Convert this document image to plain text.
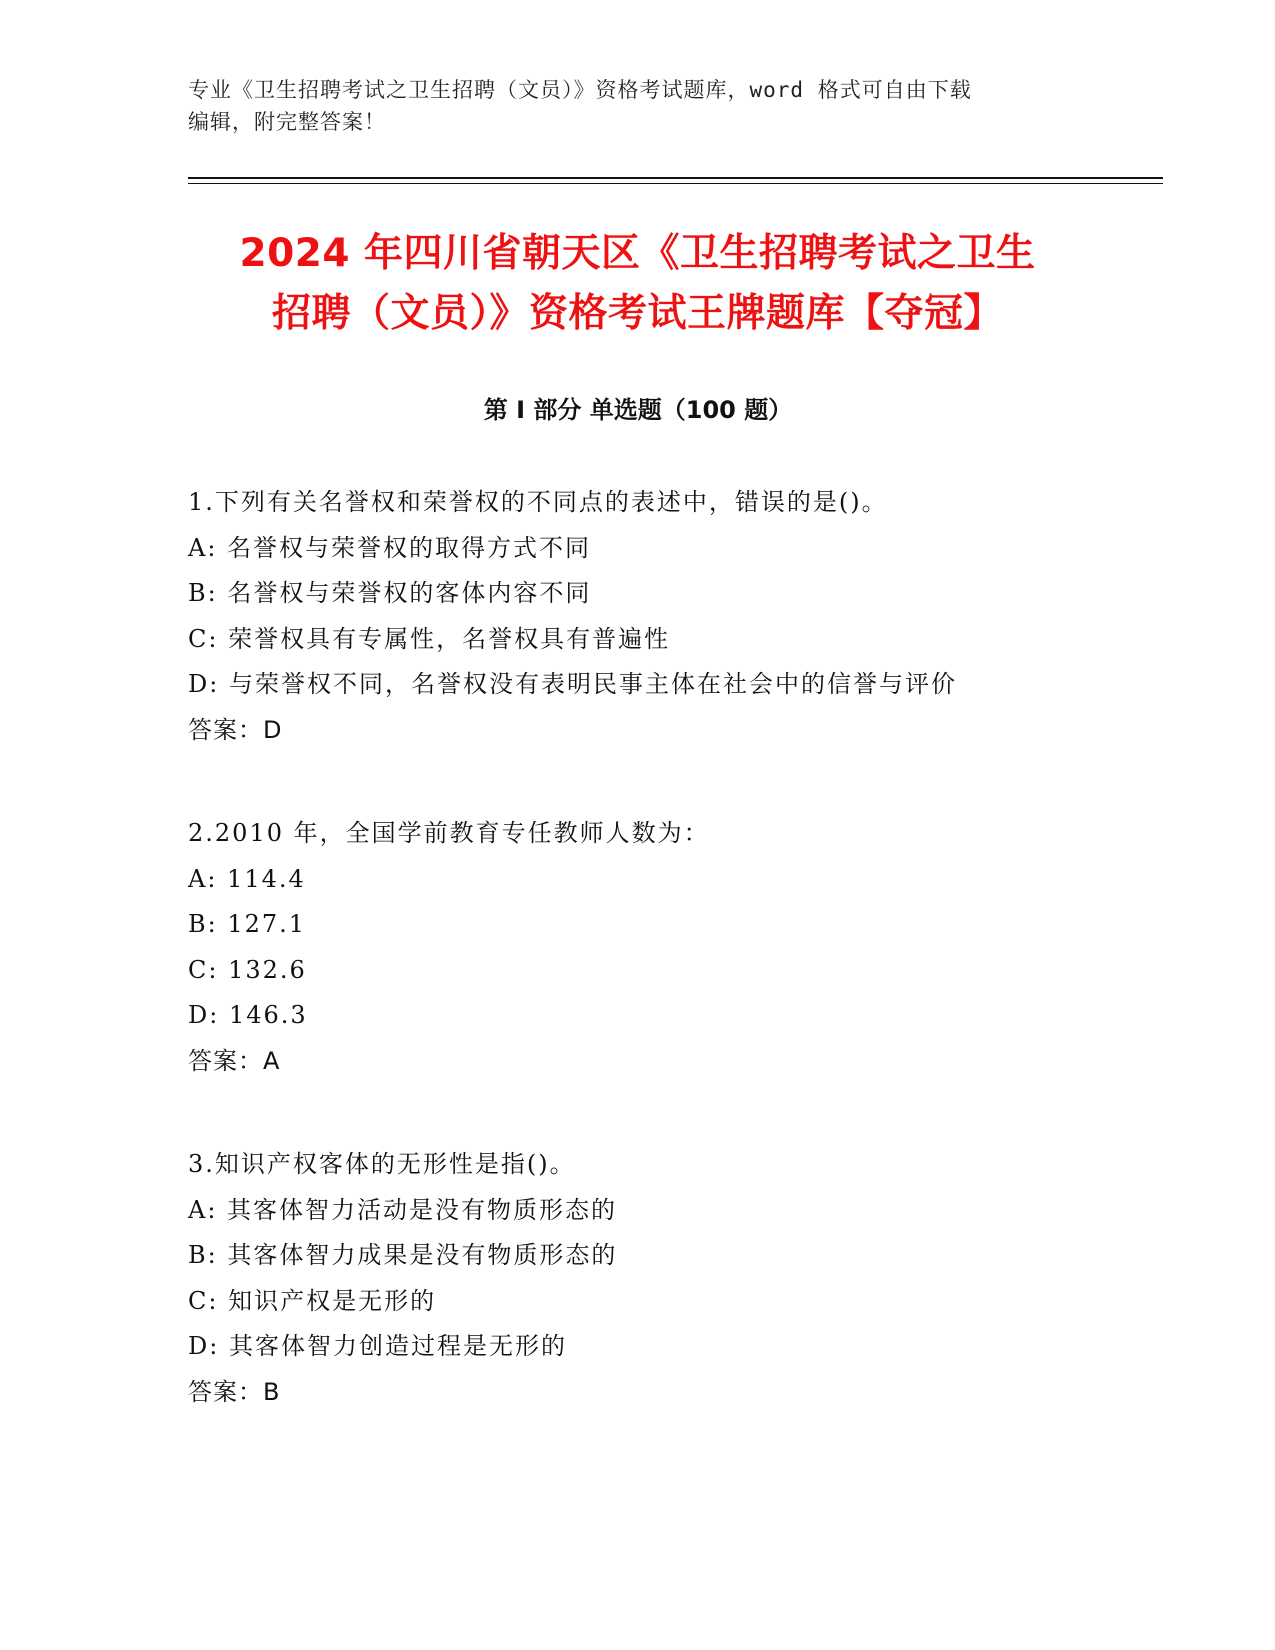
专业《卫生招聘考试之卫生招聘（文员）》资格考试题库，word 格式可自由下载
编辑，附完整答案！
2024 年四川省朝天区《卫生招聘考试之卫生
招聘（文员）》资格考试王牌题库【夺冠】
第 I 部分 单选题（100 题）
1.下列有关名誉权和荣誉权的不同点的表述中，错误的是()。
A: 名誉权与荣誉权的取得方式不同
B: 名誉权与荣誉权的客体内容不同
C: 荣誉权具有专属性，名誉权具有普遍性
D: 与荣誉权不同，名誉权没有表明民事主体在社会中的信誉与评价
答案：D
2.2010 年，全国学前教育专任教师人数为：
A: 114.4
B: 127.1
C: 132.6
D: 146.3
答案：A
3.知识产权客体的无形性是指()。
A: 其客体智力活动是没有物质形态的
B: 其客体智力成果是没有物质形态的
C: 知识产权是无形的
D: 其客体智力创造过程是无形的
答案：B
